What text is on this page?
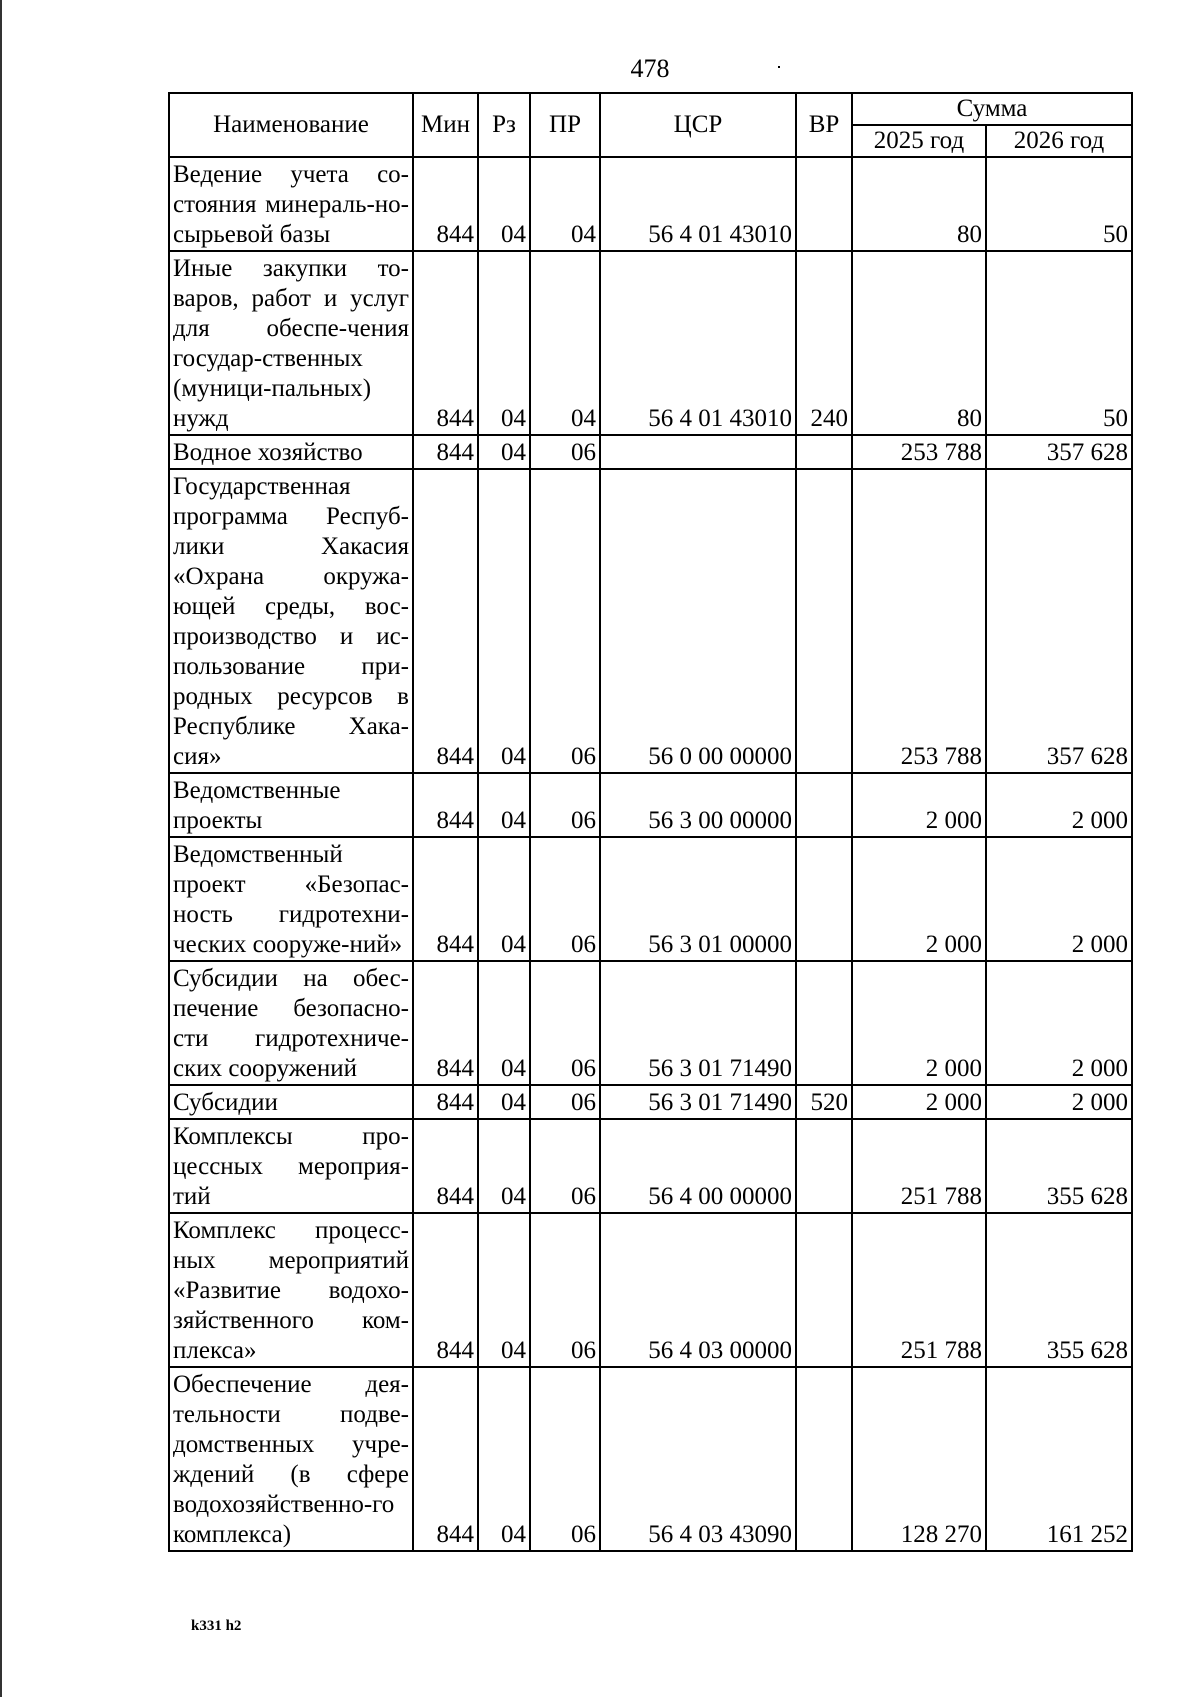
478
Наименование	Мин	Рз	ПР	ЦСР	ВР	Сумма	
						2025 год	2026 год
Ведение учета со-стояния минераль-но-сырьевой базы	844	04	04	56 4 01 43010		80	50
Иные закупки то-варов, работ и услуг для обеспе-чения государ-ственных (муници-пальных) нужд	844	04	04	56 4 01 43010	240	80	50
Водное хозяйство	844	04	06			253 788	357 628
Государственная программа Респуб-лики Хакасия «Охрана окружа-ющей среды, вос-производство и ис-пользование при-родных ресурсов в Республике Хака-сия»	844	04	06	56 0 00 00000		253 788	357 628
Ведомственные проекты	844	04	06	56 3 00 00000		2 000	2 000
Ведомственный проект «Безопас-ность гидротехни-ческих сооруже-ний»	844	04	06	56 3 01 00000		2 000	2 000
Субсидии на обес-печение безопасно-сти гидротехниче-ских сооружений	844	04	06	56 3 01 71490		2 000	2 000
Субсидии	844	04	06	56 3 01 71490	520	2 000	2 000
Комплексы про-цессных мероприя-тий	844	04	06	56 4 00 00000		251 788	355 628
Комплекс процесс-ных мероприятий «Развитие водохо-зяйственного ком-плекса»	844	04	06	56 4 03 00000		251 788	355 628
Обеспечение дея-тельности подве-домственных учре-ждений (в сфере водохозяйственно-го комплекса)	844	04	06	56 4 03 43090		128 270	161 252
k331 h2
